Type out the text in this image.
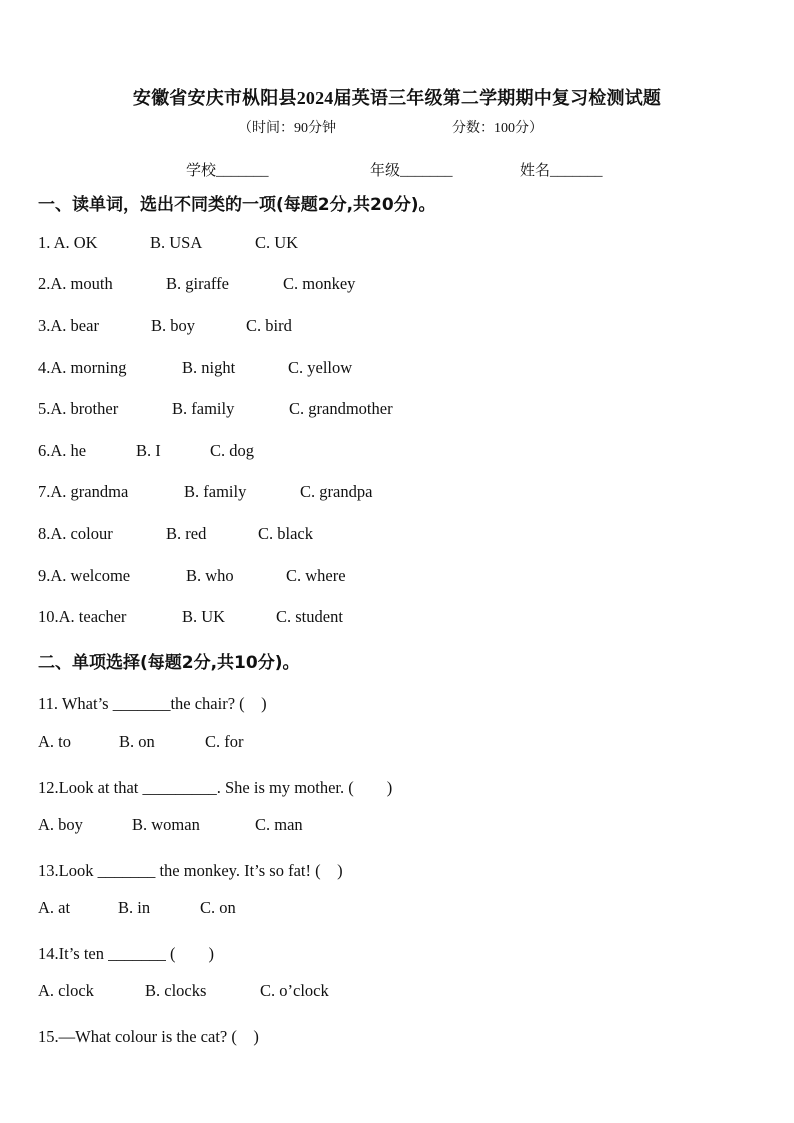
安徽省安庆市枞阳县2024届英语三年级第二学期期中复习检测试题
（时间：90分钟	分数：100分）
学校_______	年级_______	姓名_______
一、读单词，选出不同类的一项(每题2分,共20分)。
1. A. OK	B. USA	C. UK
2.A. mouth	B. giraffe	C. monkey
3.A. bear	B. boy	C. bird
4.A. morning	B. night	C. yellow
5.A. brother	B. family	C. grandmother
6.A. he	B. I	C. dog
7.A. grandma	B. family	C. grandpa
8.A. colour	B. red	C. black
9.A. welcome	B. who	C. where
10.A. teacher	B. UK	C. student
二、单项选择(每题2分,共10分)。
11. What’s _______the chair? (　)
A. to	B. on	C. for
12.Look at that _________. She is my mother. (　　)
A. boy	B. woman	C. man
13.Look _______ the monkey. It’s so fat! (　)
A. at	B. in	C. on
14.It’s ten _______ (　　)
A. clock	B. clocks	C. o’clock
15.—What colour is the cat? (　)
